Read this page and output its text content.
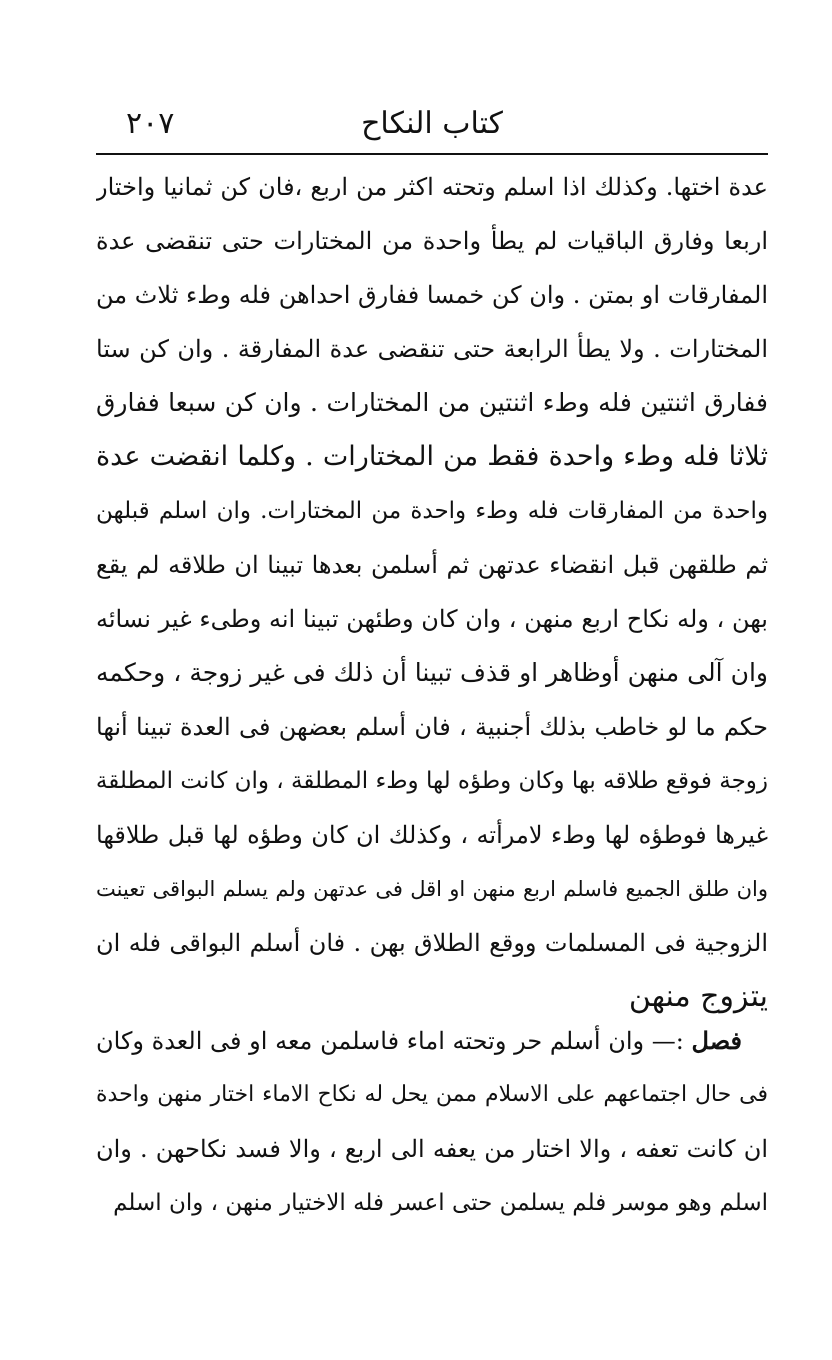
كتاب النكاح
٢٠٧
عدة اختها. وكذلك اذا اسلم وتحته اكثر من اربع ،فان كن ثمانيا واختار
اربعا وفارق الباقيات لم يطأ واحدة من المختارات حتى تنقضى عدة
المفارقات او بمتن . وان كن خمسا ففارق احداهن فله وطء ثلاث من
المختارات . ولا يطأ الرابعة حتى تنقضى عدة المفارقة . وان كن ستا
ففارق اثنتين فله وطء اثنتين من المختارات . وان كن سبعا ففارق
ثلاثا فله وطء واحدة فقط من المختارات . وكلما انقضت عدة
واحدة من المفارقات فله وطء واحدة من المختارات. وان اسلم قبلهن
ثم طلقهن قبل انقضاء عدتهن ثم أسلمن بعدها تبينا ان طلاقه لم يقع
بهن ، وله نكاح اربع منهن ، وان كان وطئهن تبينا انه وطىء غير نسائه
وان آلى منهن أوظاهر او قذف تبينا أن ذلك فى غير زوجة ، وحكمه
حكم ما لو خاطب بذلك أجنبية ، فان أسلم بعضهن فى العدة تبينا أنها
زوجة فوقع طلاقه بها وكان وطؤه لها وطء المطلقة ، وان كانت المطلقة
غيرها فوطؤه لها وطء لامرأته ، وكذلك ان كان وطؤه لها قبل طلاقها
وان طلق الجميع فاسلم اربع منهن او اقل فى عدتهن ولم يسلم البواقى تعينت
الزوجية فى المسلمات ووقع الطلاق بهن . فان أسلم البواقى فله ان
يتزوج منهن
فصل :— وان أسلم حر وتحته اماء فاسلمن معه او فى العدة وكان
فى حال اجتماعهم على الاسلام ممن يحل له نكاح الاماء اختار منهن واحدة
ان كانت تعفه ، والا اختار من يعفه الى اربع ، والا فسد نكاحهن . وان
اسلم وهو موسر فلم يسلمن حتى اعسر فله الاختيار منهن ، وان اسلم
